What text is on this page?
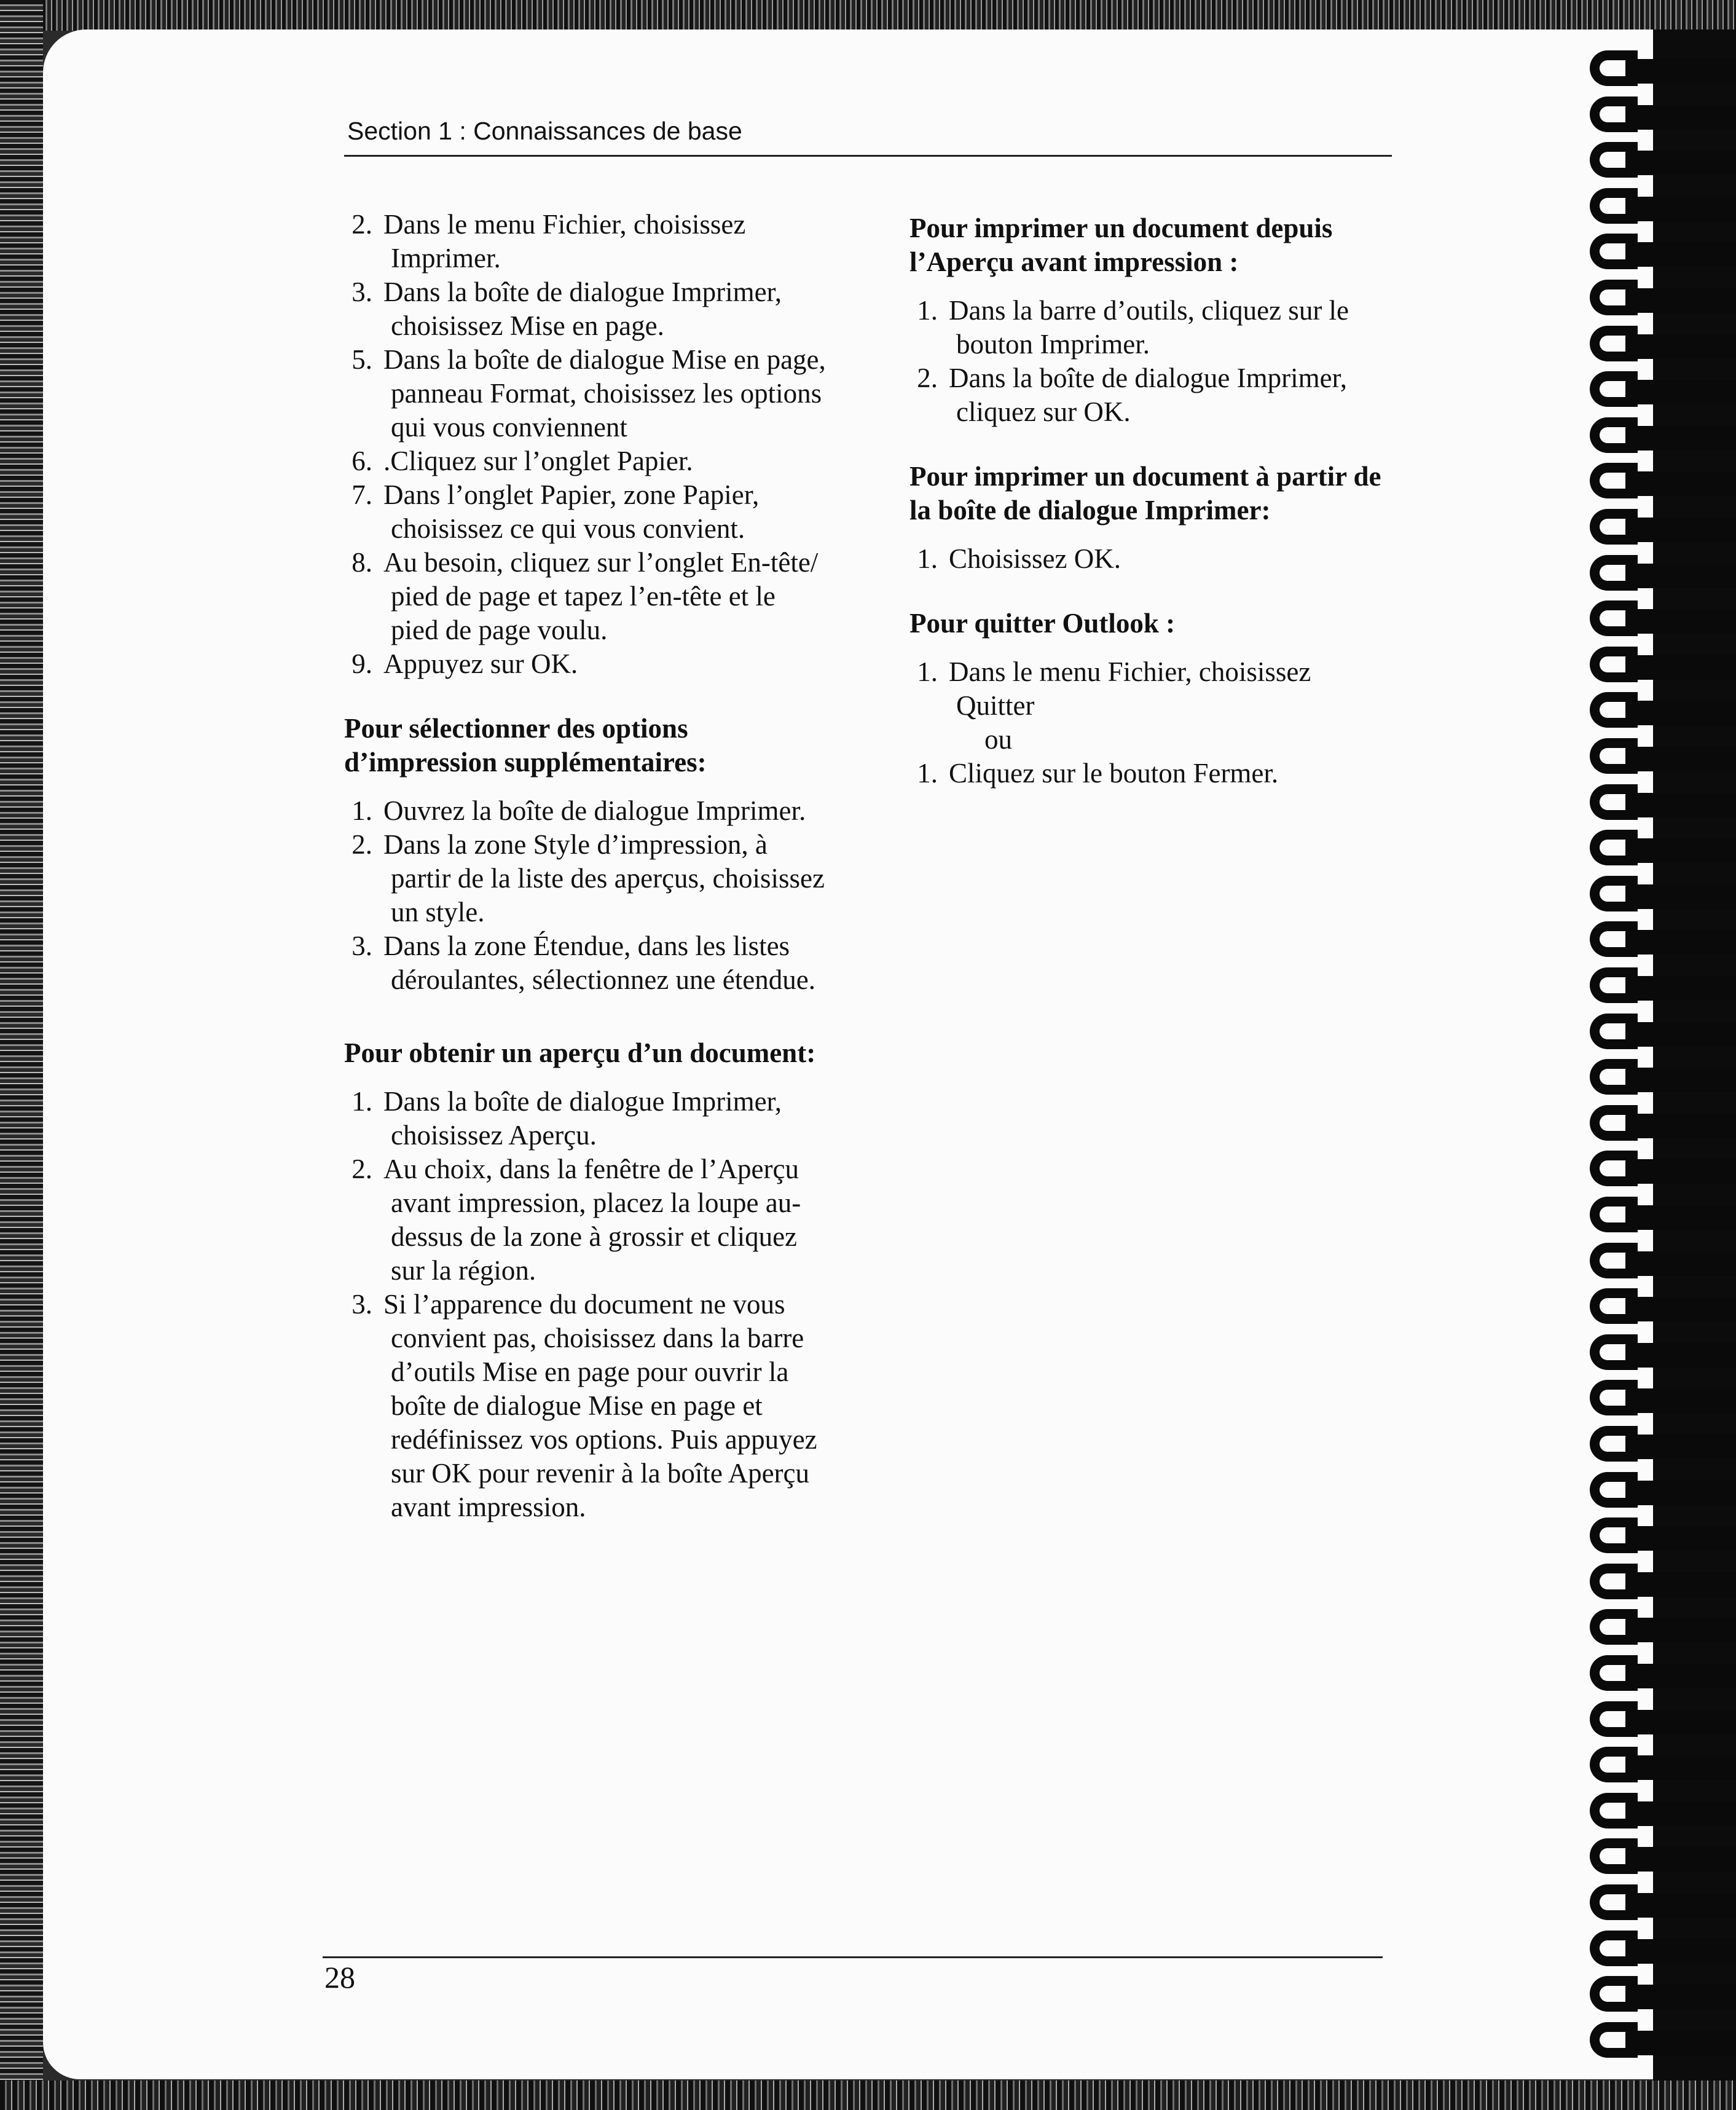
Section 1 : Connaissances de base
2. Dans le menu Fichier, choisissez Imprimer.
3. Dans la boîte de dialogue Imprimer, choisissez Mise en page.
5. Dans la boîte de dialogue Mise en page, panneau Format, choisissez les options qui vous conviennent
6. .Cliquez sur l’onglet Papier.
7. Dans l’onglet Papier, zone Papier, choisissez ce qui vous convient.
8. Au besoin, cliquez sur l’onglet En-tête/ pied de page et tapez l’en-tête et le pied de page voulu.
9. Appuyez sur OK.

Pour sélectionner des options d’impression supplémentaires:

1. Ouvrez la boîte de dialogue Imprimer.
2. Dans la zone Style d’impression, à partir de la liste des aperçus, choisissez un style.
3. Dans la zone Étendue, dans les listes déroulantes, sélectionnez une étendue.

Pour obtenir un aperçu d’un document:

1. Dans la boîte de dialogue Imprimer, choisissez Aperçu.
2. Au choix, dans la fenêtre de l’Aperçu avant impression, placez la loupe au-dessus de la zone à grossir et cliquez sur la région.
3. Si l’apparence du document ne vous convient pas, choisissez dans la barre d’outils Mise en page pour ouvrir la boîte de dialogue Mise en page et redéfinissez vos options. Puis appuyez sur OK pour revenir à la boîte Aperçu avant impression.

Pour imprimer un document depuis l’Aperçu avant impression :

1. Dans la barre d’outils, cliquez sur le bouton Imprimer.
2. Dans la boîte de dialogue Imprimer, cliquez sur OK.

Pour imprimer un document à partir de la boîte de dialogue Imprimer:

1. Choisissez OK.

Pour quitter Outlook :

1. Dans le menu Fichier, choisissez Quitter
ou
1. Cliquez sur le bouton Fermer.
28
